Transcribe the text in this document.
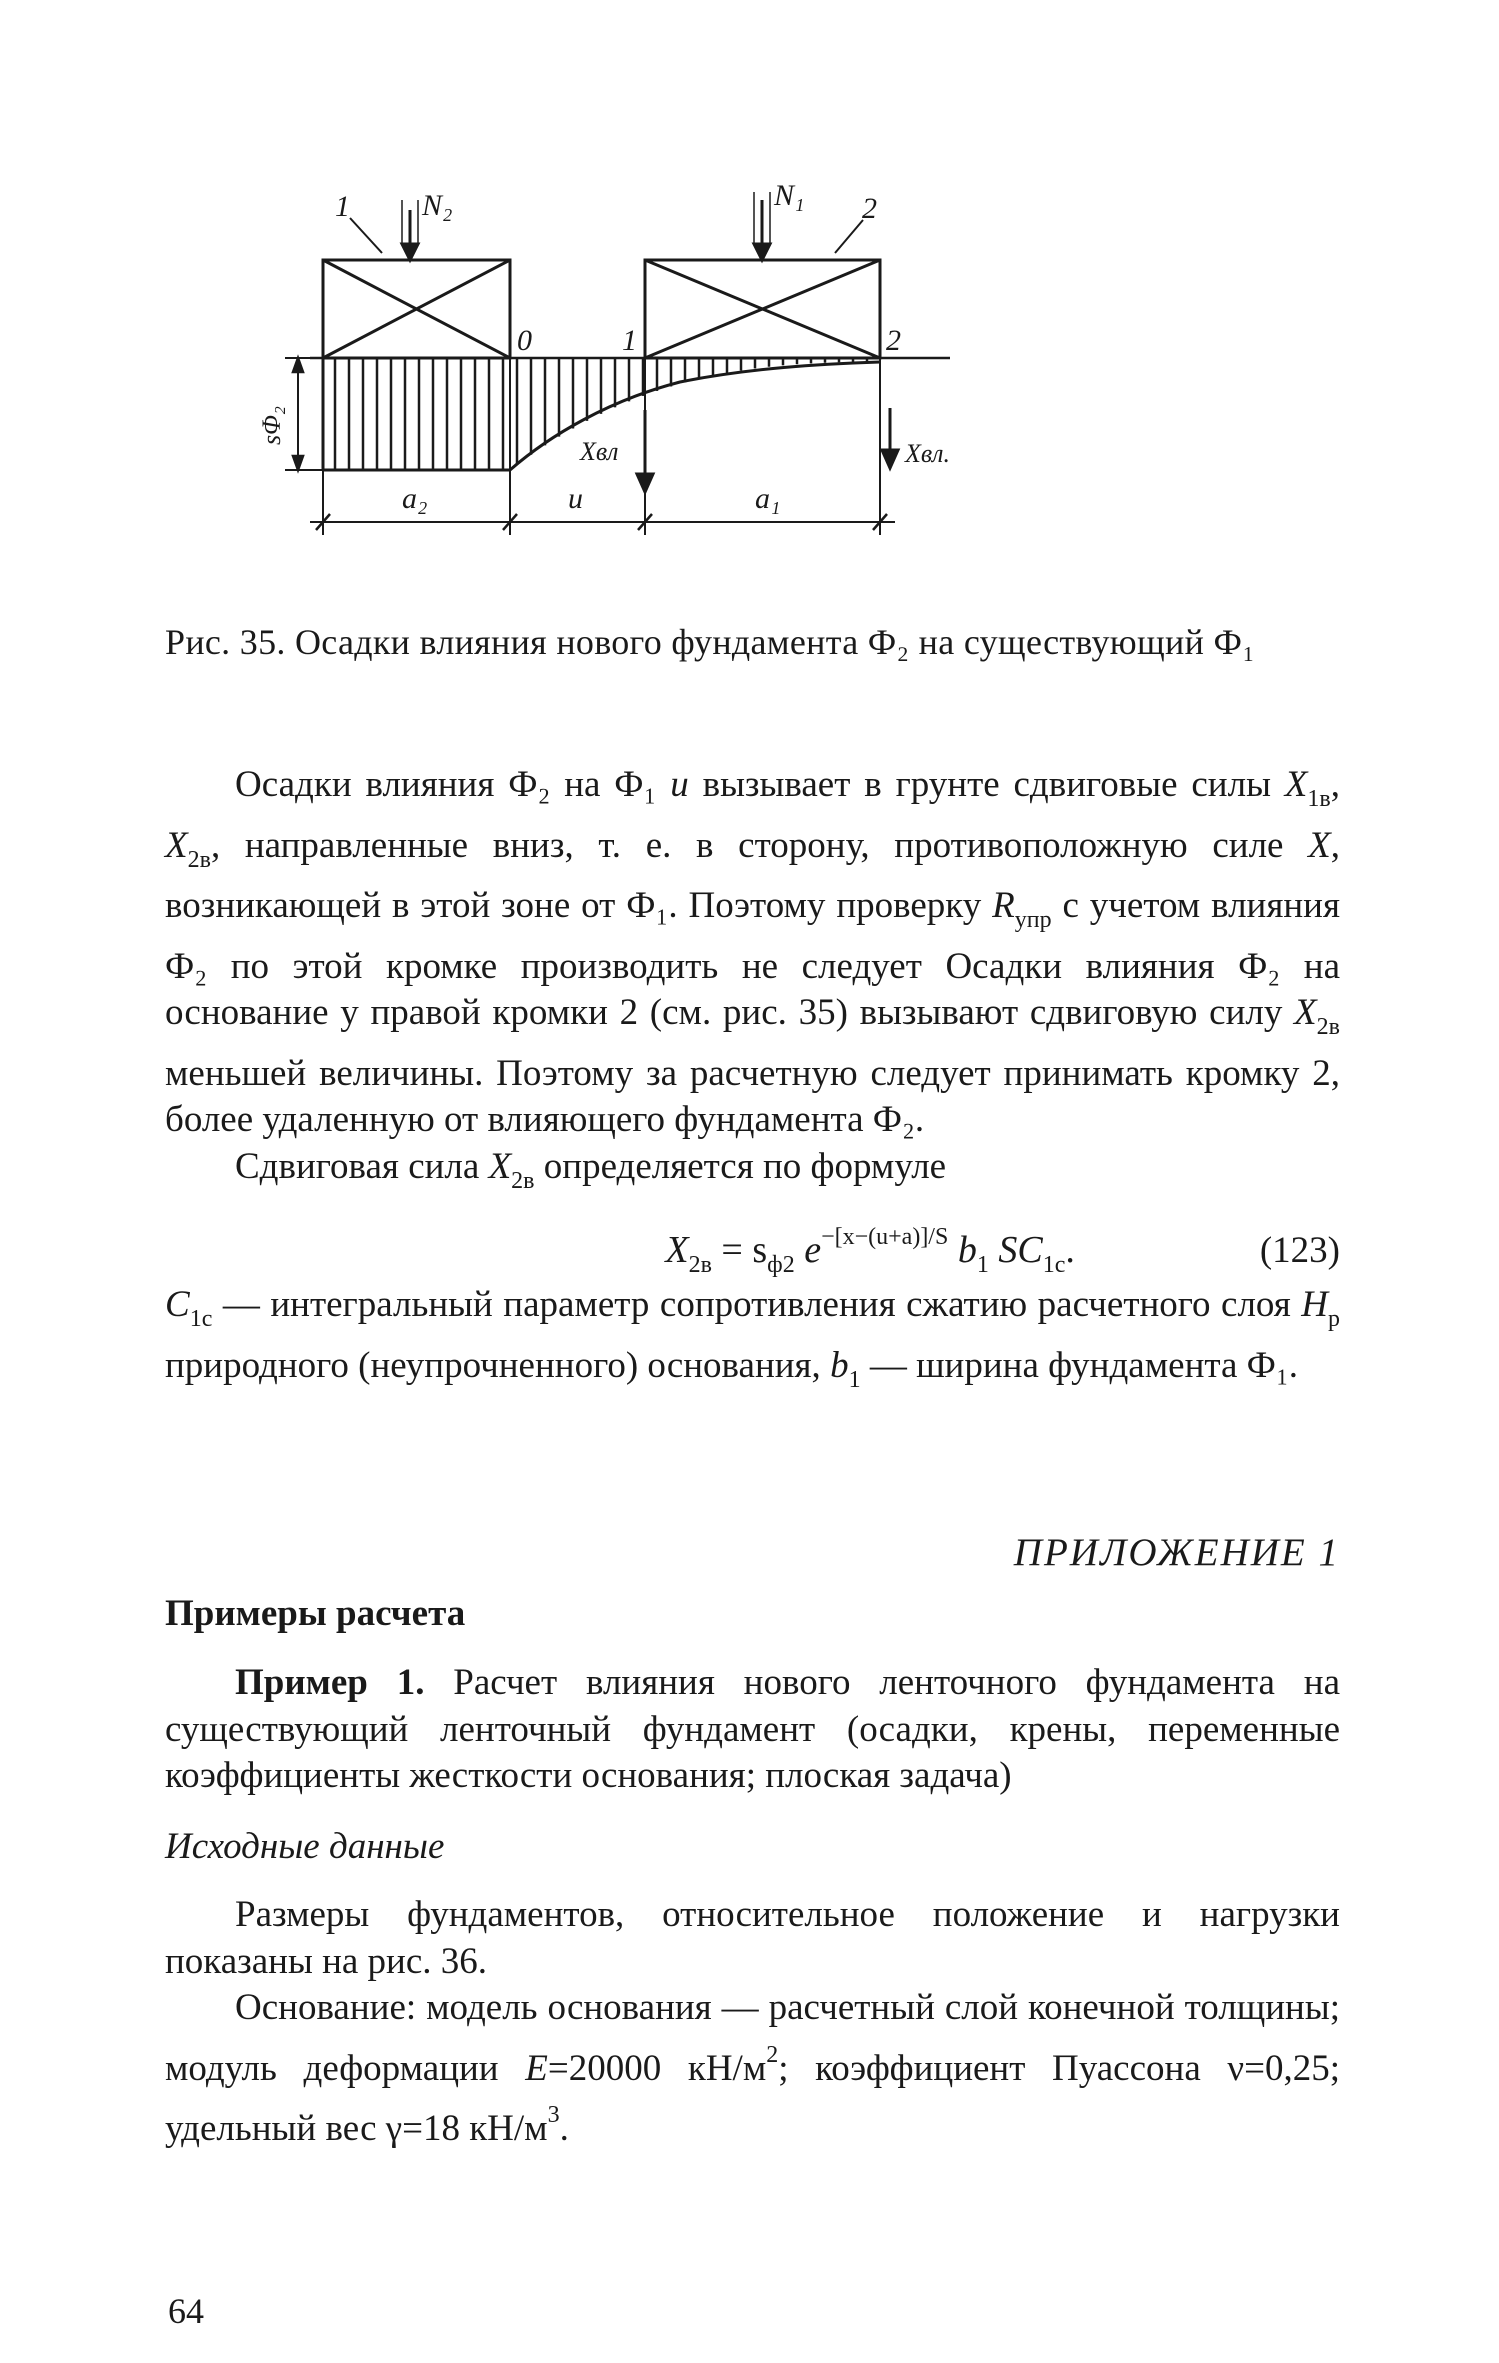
N₂	N₁
1	2
0	1	2
Xвл	Xвл.
a₂	u	a₁
sΦ₂
Рис. 35. Осадки влияния нового фундамента Ф₂ на существующий Ф₁

Осадки влияния Ф₂ на Ф₁ и вызывает в грунте сдвиговые силы $X_{1в}$, $X_{2в}$, направленные вниз, т. е. в сторону, противоположную силе X, возникающей в этой зоне от Ф₁. Поэтому проверку $R_{упр}$ с учетом влияния Ф₂ по этой кромке производить не следует Осадки влияния Ф₂ на основание у правой кромки 2 (см. рис. 35) вызывают сдвиговую силу $X_{2в}$ меньшей величины. Поэтому за расчетную следует принимать кромку 2, более удаленную от влияющего фундамента Ф₂.

Сдвиговая сила $X_{2в}$ определяется по формуле

$X_{2в} = s_{ф2}$ $e^{-[x-(u+a)]/S}$ $b_1$ $SC_{1с}$.	(123)

$C_{1с}$ — интегральный параметр сопротивления сжатию расчетного слоя $H_р$ природного (неупрочненного) основания, $b_1$ — ширина фундамента Ф₁.

ПРИЛОЖЕНИЕ 1
Примеры расчета

Пример 1. Расчет влияния нового ленточного фундамента на существующий ленточный фундамент (осадки, крены, переменные коэффициенты жесткости основания; плоская задача)

Исходные данные

Размеры фундаментов, относительное положение и нагрузки показаны на рис. 36.

Основание: модель основания — расчетный слой конечной толщины; модуль деформации E=20000 $кН/м^2$; коэффициент Пуассона ν=0,25; удельный вес γ=18 $кН/м^3$.

64
